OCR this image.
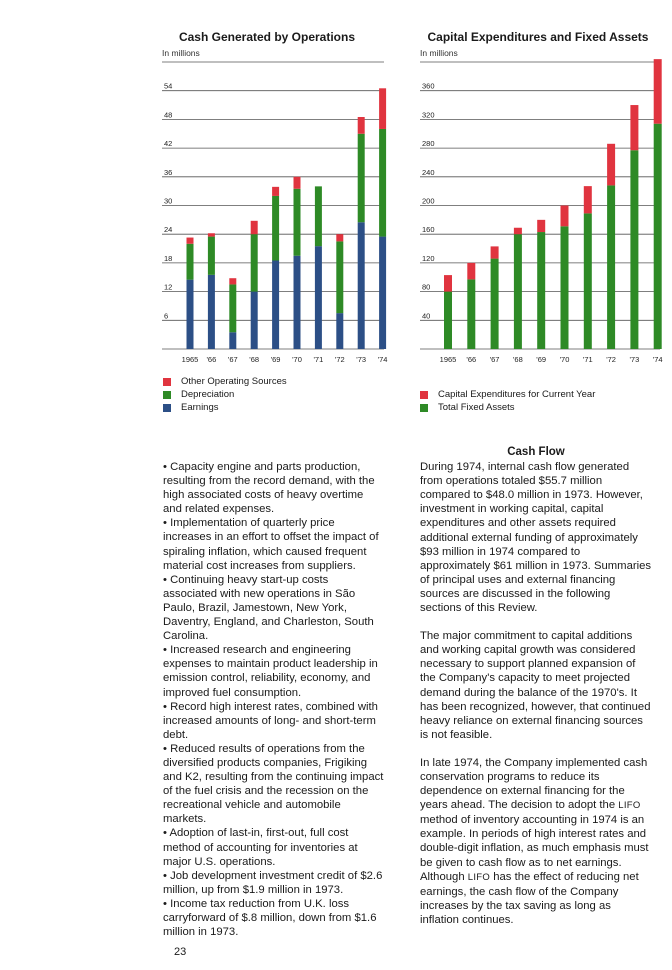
Cash Generated by Operations
In millions
6
12
18
24
30
36
42
48
54
1965 '66 '67 '68 '69 '70 '71 '72 '73 '74
Other Operating Sources
Depreciation
Earnings
Capital Expenditures and Fixed Assets
In millions
40
80
120
160
200
240
280
320
360
1965 '66 '67 '68 '69 '70 '71 '72 '73 '74
Capital Expenditures for Current Year
Total Fixed Assets

• Capacity engine and parts production, resulting from the record demand, with the high associated costs of heavy overtime and related expenses.

• Implementation of quarterly price increases in an effort to offset the impact of spiraling inflation, which caused frequent material cost increases from suppliers.

• Continuing heavy start-up costs associated with new operations in São Paulo, Brazil, Jamestown, New York, Daventry, England, and Charleston, South Carolina.

• Increased research and engineering expenses to maintain product leadership in emission control, reliability, economy, and improved fuel consumption.

• Record high interest rates, combined with increased amounts of long- and short-term debt.

• Reduced results of operations from the diversified products companies, Frigiking and K2, resulting from the continuing impact of the fuel crisis and the recession on the recreational vehicle and automobile markets.

• Adoption of last-in, first-out, full cost method of accounting for inventories at major U.S. operations.

• Job development investment credit of $2.6 million, up from $1.9 million in 1973.

• Income tax reduction from U.K. loss carryforward of $.8 million, down from $1.6 million in 1973.

Cash Flow

During 1974, internal cash flow generated from operations totaled $55.7 million compared to $48.0 million in 1973. However, investment in working capital, capital expenditures and other assets required additional external funding of approximately $93 million in 1974 compared to approximately $61 million in 1973. Summaries of principal uses and external financing sources are discussed in the following sections of this Review.

The major commitment to capital additions and working capital growth was considered necessary to support planned expansion of the Company's capacity to meet projected demand during the balance of the 1970's. It has been recognized, however, that continued heavy reliance on external financing sources is not feasible.

In late 1974, the Company implemented cash conservation programs to reduce its dependence on external financing for the years ahead. The decision to adopt the LIFO method of inventory accounting in 1974 is an example. In periods of high interest rates and double-digit inflation, as much emphasis must be given to cash flow as to net earnings. Although LIFO has the effect of reducing net earnings, the cash flow of the Company increases by the tax saving as long as inflation continues.

23
